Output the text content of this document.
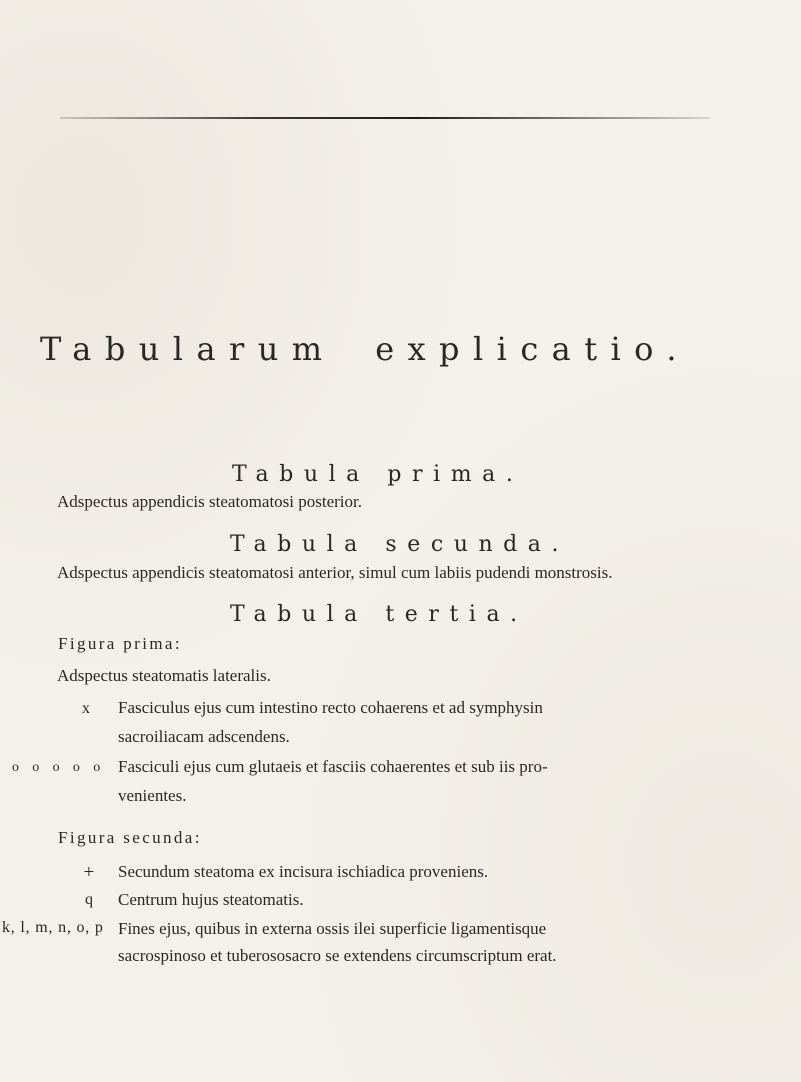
Tabularum explicatio.
Tabula prima.
Adspectus appendicis steatomatosi posterior.
Tabula secunda.
Adspectus appendicis steatomatosi anterior, simul cum labiis pudendi monstrosis.
Tabula tertia.
Figura prima:
Adspectus steatomatis lateralis.
x Fasciculus ejus cum intestino recto cohaerens et ad symphysin
sacroiliacam adscendens.
o o o o o Fasciculi ejus cum glutaeis et fasciis cohaerentes et sub iis pro-
venientes.
Figura secunda:
+ Secundum steatoma ex incisura ischiadica proveniens.
q Centrum hujus steatomatis.
k, l, m, n, o, p Fines ejus, quibus in externa ossis ilei superficie ligamentisque
sacrospinoso et tuberososacro se extendens circumscriptum erat.
